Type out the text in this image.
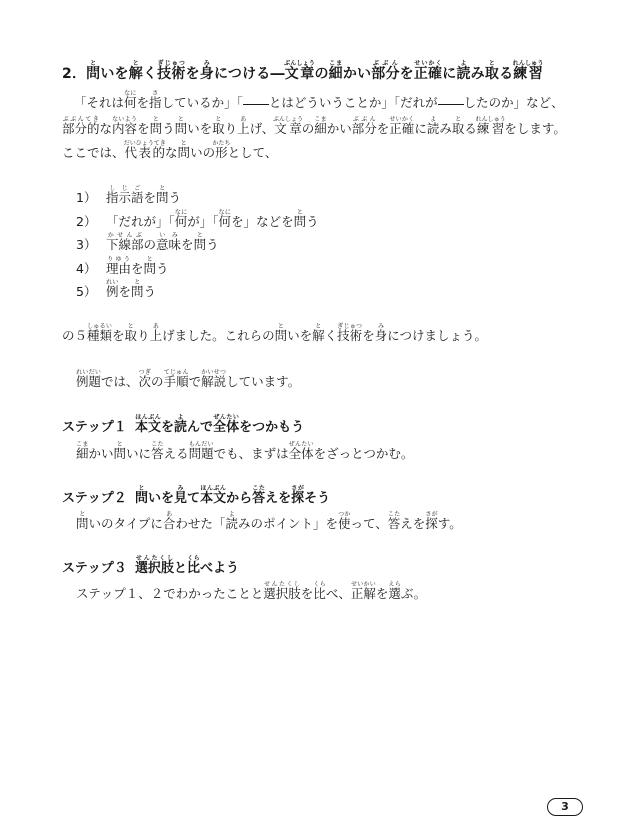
2．問といを解とく技術ぎじゅつを身みにつける―文章ぶんしょうの細こまかい部分ぶぶんを正確せいかくに読よみ取とる練習れんしゅう

「それは何なにを指さしているか」「 とはどういうことか」「だれが したのか」など、部分的ぶぶんてきな内ない容ようを問とう問といを取とり上あげ、文章ぶんしょうの細こまかい部分ぶぶんを正確せいかくに読よみ取とる練習れんしゅうをします。

ここでは、代表的だいひょうてきな問といの形かたちとして、

1） 指示語しじごを問とう
2） 「だれが」「何なにが」「何なにを」などを問とう
3） 下線部かせんぶの意味いみを問とう
4） 理由りゆうを問とう
5） 例れいを問とう

の５種類しゅるいを取とり上あげました。これらの問といを解とく技術ぎじゅつを身みにつけましょう。

例題れいだいでは、次つぎの手順てじゅんで解説かいせつしています。

ステップ１ 本文ほんぶんを読よんで全体ぜんたいをつかもう

細こまかい問といに答こたえる問題もんだいでも、まずは全体ぜんたいをざっとつかむ。

ステップ２ 問といを見みて本文ほんぶんから答こたえを探さがそう

問といのタイプに合あわせた「読よみのポイント」を使つかって、答こたえを探さがす。

ステップ３ 選択肢せんたくしと比くらべよう

ステップ１、２でわかったことと選択肢せんたくしを比くらべ、正解せいかいを選えらぶ。

3
